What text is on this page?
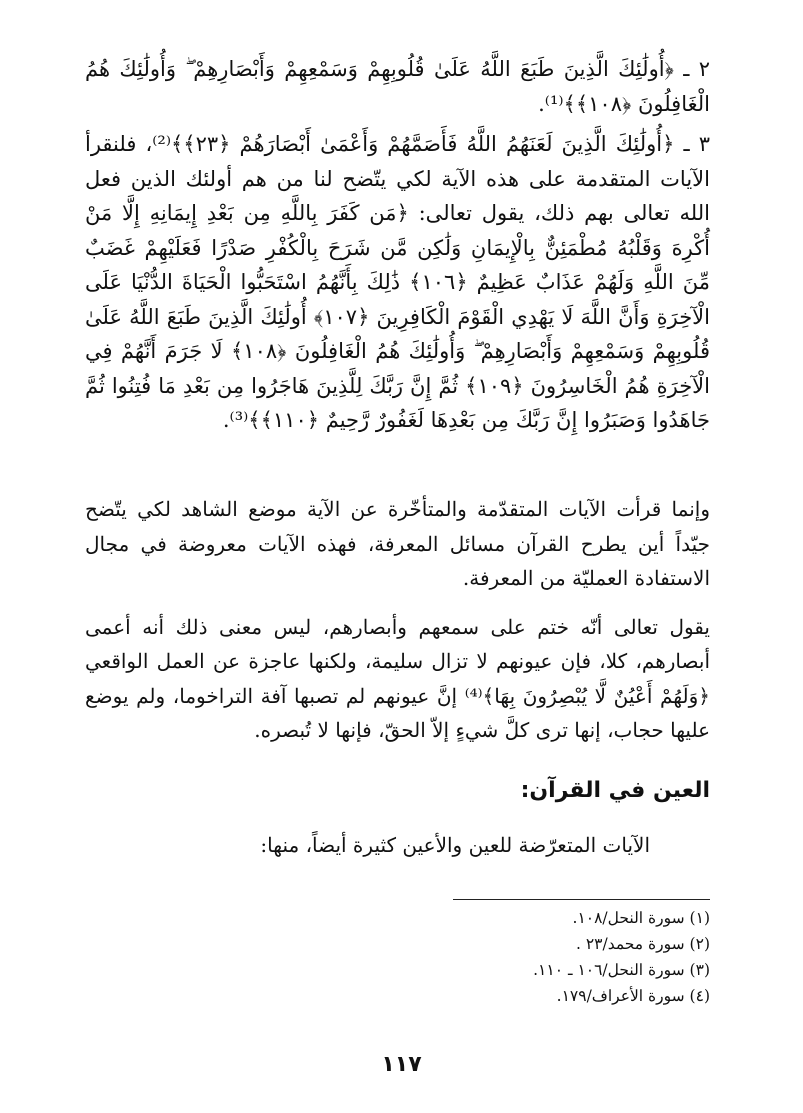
٢ ـ ﴿أُولَٰئِكَ الَّذِينَ طَبَعَ اللَّهُ عَلَىٰ قُلُوبِهِمْ وَسَمْعِهِمْ وَأَبْصَارِهِمْ ۖ وَأُولَٰئِكَ هُمُ الْغَافِلُونَ ﴿١٠٨﴾﴾⁽¹⁾.

٣ ـ ﴿أُولَٰئِكَ الَّذِينَ لَعَنَهُمُ اللَّهُ فَأَصَمَّهُمْ وَأَعْمَىٰ أَبْصَارَهُمْ ﴿٢٣﴾﴾⁽²⁾، فلنقرأ الآيات المتقدمة على هذه الآية لكي يتّضح لنا من هم أولئك الذين فعل الله تعالى بهم ذلك، يقول تعالى: ﴿مَن كَفَرَ بِاللَّهِ مِن بَعْدِ إِيمَانِهِ إِلَّا مَنْ أُكْرِهَ وَقَلْبُهُ مُطْمَئِنٌّ بِالْإِيمَانِ وَلَٰكِن مَّن شَرَحَ بِالْكُفْرِ صَدْرًا فَعَلَيْهِمْ غَضَبٌ مِّنَ اللَّهِ وَلَهُمْ عَذَابٌ عَظِيمٌ ﴿١٠٦﴾ ذَٰلِكَ بِأَنَّهُمُ اسْتَحَبُّوا الْحَيَاةَ الدُّنْيَا عَلَى الْآخِرَةِ وَأَنَّ اللَّهَ لَا يَهْدِي الْقَوْمَ الْكَافِرِينَ ﴿١٠٧﴾ أُولَٰئِكَ الَّذِينَ طَبَعَ اللَّهُ عَلَىٰ قُلُوبِهِمْ وَسَمْعِهِمْ وَأَبْصَارِهِمْ ۖ وَأُولَٰئِكَ هُمُ الْغَافِلُونَ ﴿١٠٨﴾ لَا جَرَمَ أَنَّهُمْ فِي الْآخِرَةِ هُمُ الْخَاسِرُونَ ﴿١٠٩﴾ ثُمَّ إِنَّ رَبَّكَ لِلَّذِينَ هَاجَرُوا مِن بَعْدِ مَا فُتِنُوا ثُمَّ جَاهَدُوا وَصَبَرُوا إِنَّ رَبَّكَ مِن بَعْدِهَا لَغَفُورٌ رَّحِيمٌ ﴿١١٠﴾﴾⁽³⁾.

وإنما قرأت الآيات المتقدّمة والمتأخّرة عن الآية موضع الشاهد لكي يتّضح جيّداً أين يطرح القرآن مسائل المعرفة، فهذه الآيات معروضة في مجال الاستفادة العمليّة من المعرفة.

يقول تعالى أنّه ختم على سمعهم وأبصارهم، ليس معنى ذلك أنه أعمى أبصارهم، كلا، فإن عيونهم لا تزال سليمة، ولكنها عاجزة عن العمل الواقعي ﴿وَلَهُمْ أَعْيُنٌ لَّا يُبْصِرُونَ بِهَا﴾⁽⁴⁾ إنَّ عيونهم لم تصبها آفة التراخوما، ولم يوضع عليها حجاب، إنها ترى كلَّ شيءٍ إلاّ الحقّ، فإنها لا تُبصره.

العين في القرآن:

الآيات المتعرّضة للعين والأعين كثيرة أيضاً، منها:

(١) سورة النحل/١٠٨.
(٢) سورة محمد/٢٣ .
(٣) سورة النحل/١٠٦ ـ ١١٠.
(٤) سورة الأعراف/١٧٩.
١١٧
